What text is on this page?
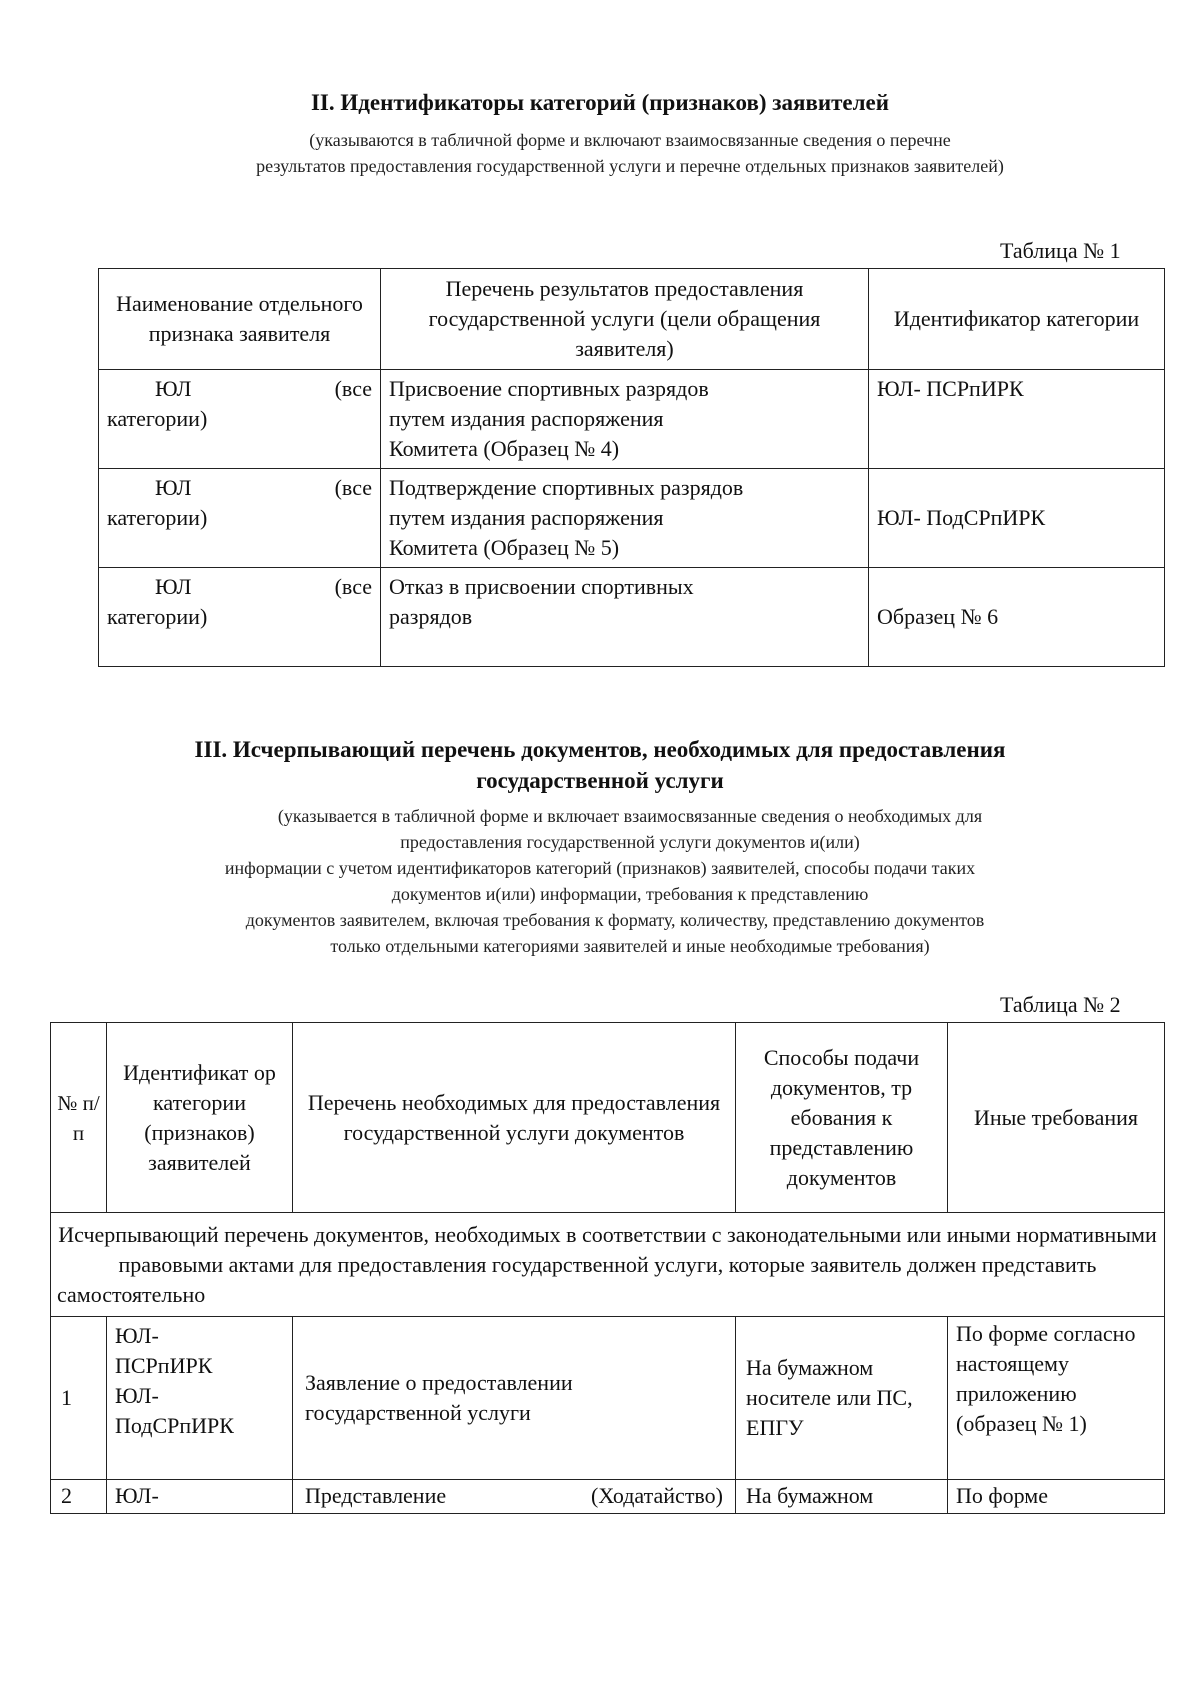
II. Идентификаторы категорий (признаков) заявителей
(указываются в табличной форме и включают взаимосвязанные сведения о перечне
результатов предоставления государственной услуги и перечне отдельных признаков заявителей)
Таблица № 1
Наименование отдельного признака заявителя	Перечень результатов предоставления государственной услуги (цели обращения заявителя)	Идентификатор категории

ЮЛ (все
категории)	Присвоение спортивных разрядов
путем издания распоряжения
Комитета (Образец № 4)	ЮЛ- ПСРпИРК

ЮЛ (все
категории)	Подтверждение спортивных разрядов
путем издания распоряжения
Комитета (Образец № 5)	ЮЛ- ПодСРпИРК

ЮЛ (все
категории)	Отказ в присвоении спортивных
разрядов	Образец № 6
III. Исчерпывающий перечень документов, необходимых для предоставления
государственной услуги
(указывается в табличной форме и включает взаимосвязанные сведения о необходимых для
предоставления государственной услуги документов и(или)
информации с учетом идентификаторов категорий (признаков) заявителей, способы подачи таких
документов и(или) информации, требования к представлению
документов заявителем, включая требования к формату, количеству, представлению документов
только отдельными категориями заявителей и иные необходимые требования)
Таблица № 2
№ п/ п	Идентификат ор категории (признаков) заявителей	Перечень необходимых для предоставления государственной услуги документов	Способы подачи документов, тр ебования к представлению документов	Иные требования
Исчерпывающий перечень документов, необходимых в соответствии с законодательными или иными нормативными правовыми актами для предоставления государственной услуги, которые заявитель должен представить самостоятельно				
1	ЮЛ-
ПСРпИРК
ЮЛ-
ПодСРпИРК	Заявление о предоставлении государственной услуги	На бумажном носителе или ПС, ЕПГУ	По форме согласно настоящему приложению (образец № 1)
2	ЮЛ-	Представление (Ходатайство)	На бумажном	По форме
